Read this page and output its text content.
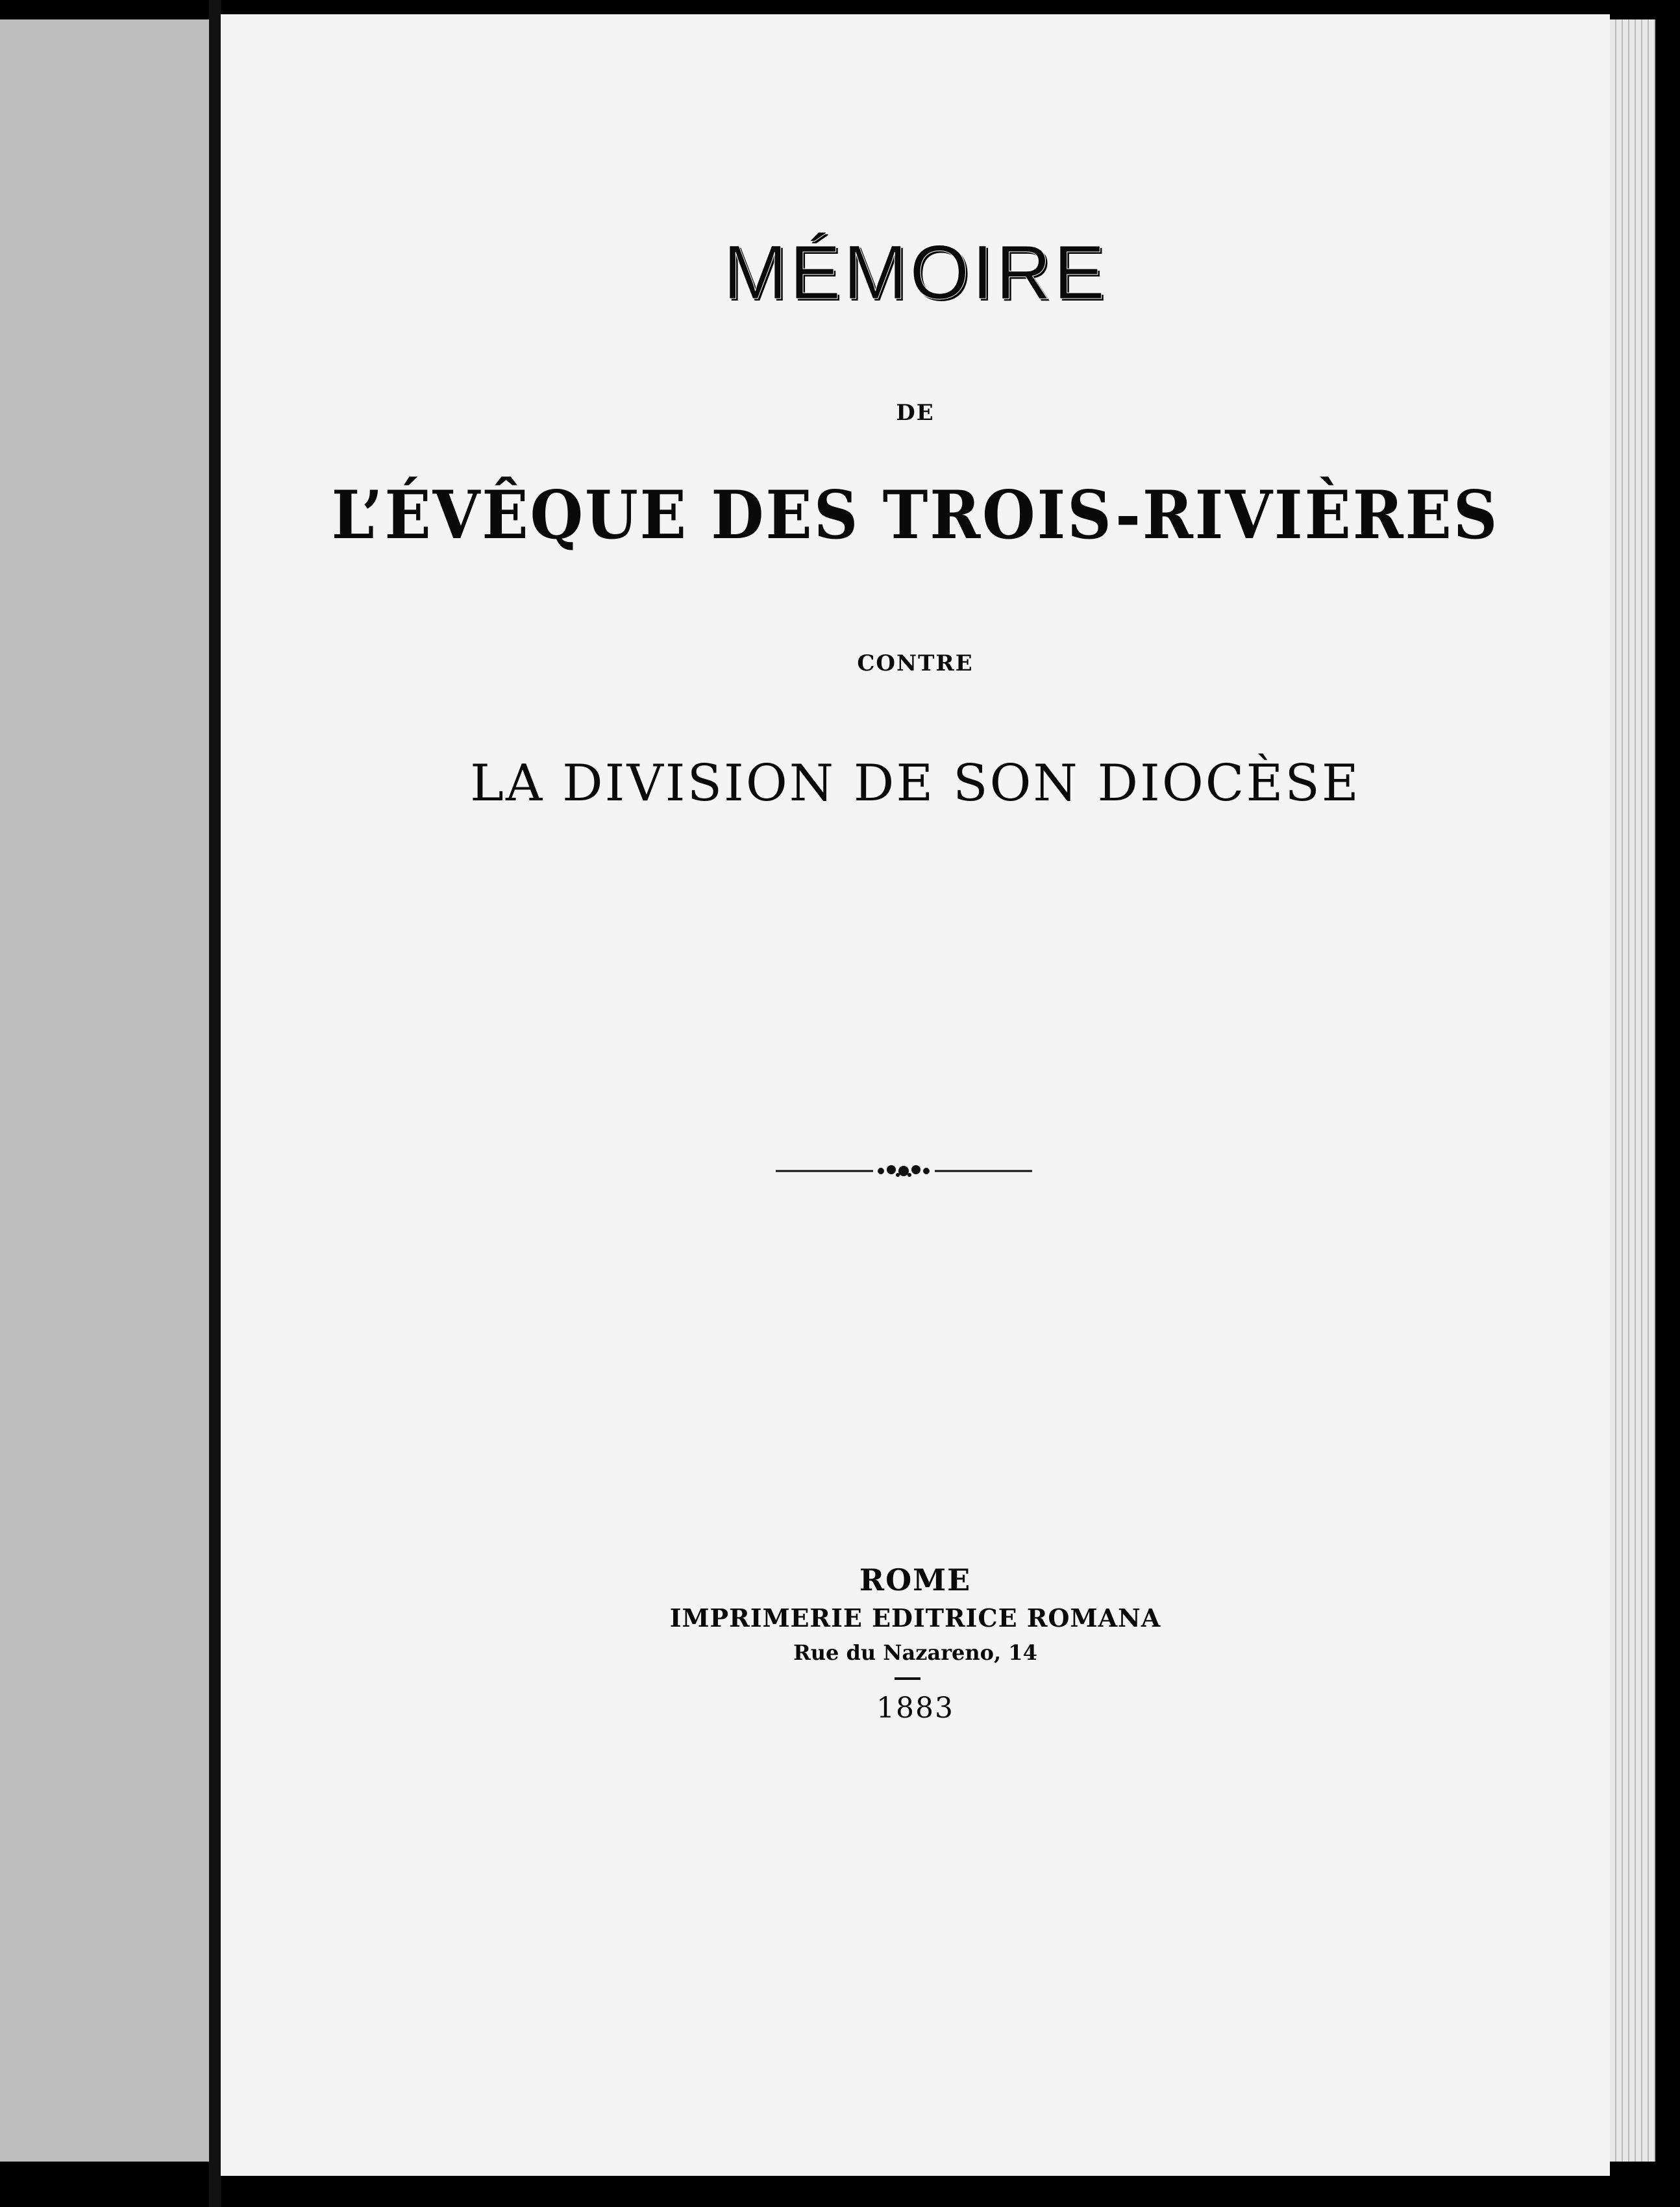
MÉMOIRE
DE
L’ÉVÊQUE DES TROIS-RIVIÈRES
CONTRE
LA DIVISION DE SON DIOCÈSE
ROME
IMPRIMERIE EDITRICE ROMANA
Rue du Nazareno, 14
1883
